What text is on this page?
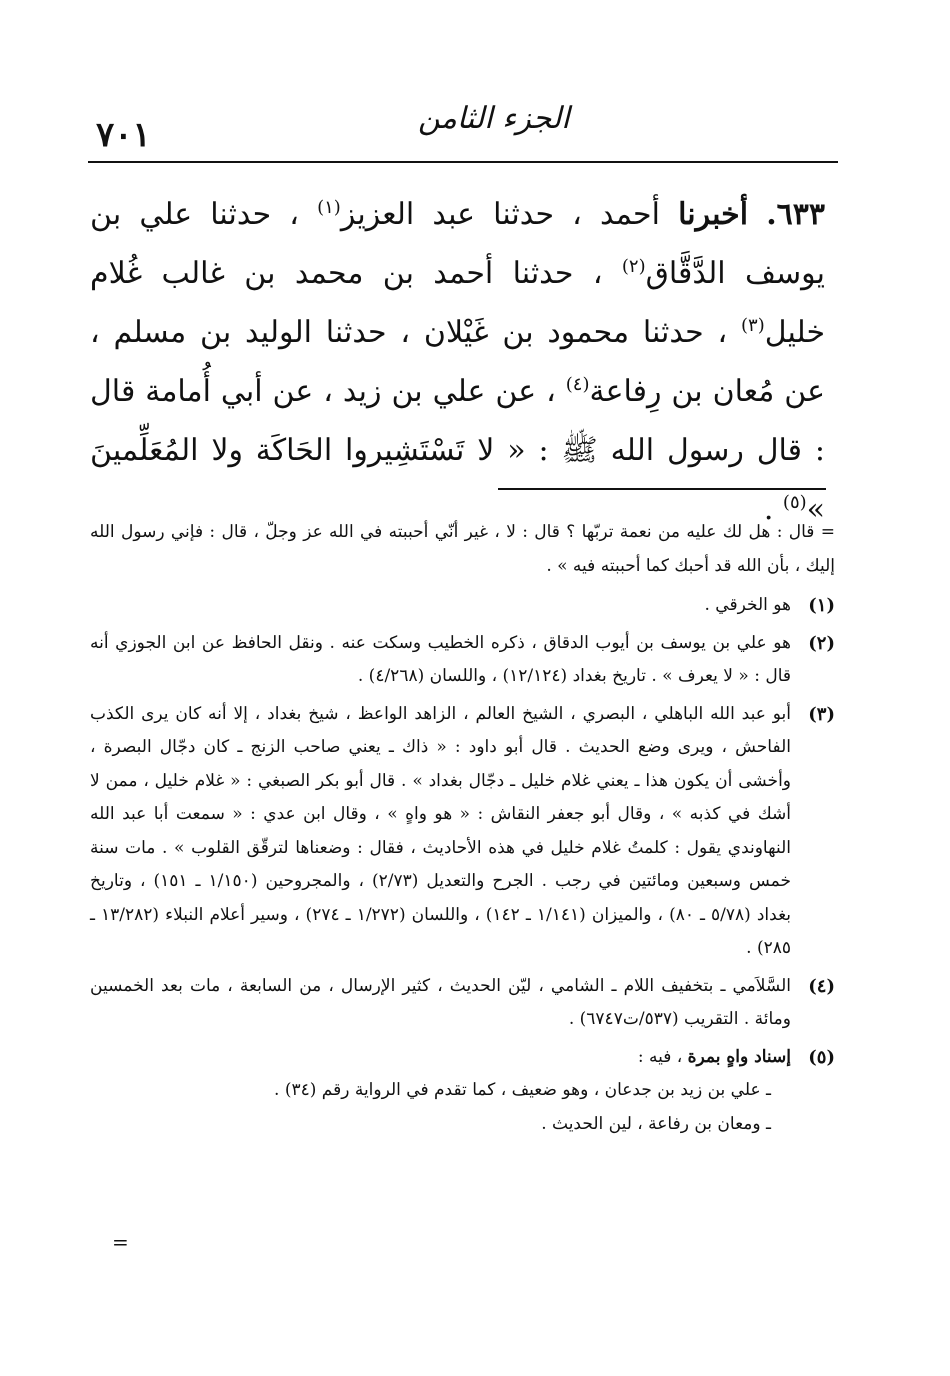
٧٠١	الجزء الثامن

٦٣٣. أخبرنا أحمد ، حدثنا عبد العزيز$^{(١)}$ ، حدثنا علي بن يوسف الدَّقَّاق$^{(٢)}$ ، حدثنا أحمد بن محمد بن غالب غُلام خليل$^{(٣)}$ ، حدثنا محمود بن غَيْلان ، حدثنا الوليد بن مسلم ، عن مُعان بن رِفاعة$^{(٤)}$ ، عن علي بن زيد ، عن أبي أُمامة قال : قال رسول الله ﷺ : « لا تَسْتَشِيروا الحَاكَة ولا المُعَلِّمينَ »$^{(٥)}$ .

= قال : هل لك عليه من نعمة تربّها ؟ قال : لا ، غير أنّي أحببته في الله عز وجلّ ، قال : فإني رسول الله إليك ، بأن الله قد أحبك كما أحببته فيه » .

(١)
هو الخرقي .

(٢)
هو علي بن يوسف بن أيوب الدقاق ، ذكره الخطيب وسكت عنه . ونقل الحافظ عن ابن الجوزي أنه قال : « لا يعرف » . تاريخ بغداد (١٢/١٢٤) ، واللسان (٤/٢٦٨) .

(٣)
أبو عبد الله الباهلي ، البصري ، الشيخ العالم ، الزاهد الواعظ ، شيخ بغداد ، إلا أنه كان يرى الكذب الفاحش ، ويرى وضع الحديث . قال أبو داود : « ذاك ـ يعني صاحب الزنج ـ كان دجّال البصرة ، وأخشى أن يكون هذا ـ يعني غلام خليل ـ دجّال بغداد » . قال أبو بكر الصبغي : « غلام خليل ، ممن لا أشك في كذبه » ، وقال أبو جعفر النقاش : « هو واهٍ » ، وقال ابن عدي : « سمعت أبا عبد الله النهاوندي يقول : كلمتُ غلام خليل في هذه الأحاديث ، فقال : وضعناها لترقّق القلوب » . مات سنة خمس وسبعين ومائتين في رجب . الجرح والتعديل (٢/٧٣) ، والمجروحين (١/١٥٠ ـ ١٥١) ، وتاريخ بغداد (٥/٧٨ ـ ٨٠) ، والميزان (١/١٤١ ـ ١٤٢) ، واللسان (١/٢٧٢ ـ ٢٧٤) ، وسير أعلام النبلاء (١٣/٢٨٢ ـ ٢٨٥) .

(٤)
السَّلاَمي ـ بتخفيف اللام ـ الشامي ، ليّن الحديث ، كثير الإرسال ، من السابعة ، مات بعد الخمسين ومائة . التقريب (٥٣٧/ت٦٧٤٧) .

(٥)
إسناد واهٍ بمرة ، فيه :

ـ علي بن زيد بن جدعان ، وهو ضعيف ، كما تقدم في الرواية رقم (٣٤) .

ـ ومعان بن رفاعة ، لين الحديث .

=
